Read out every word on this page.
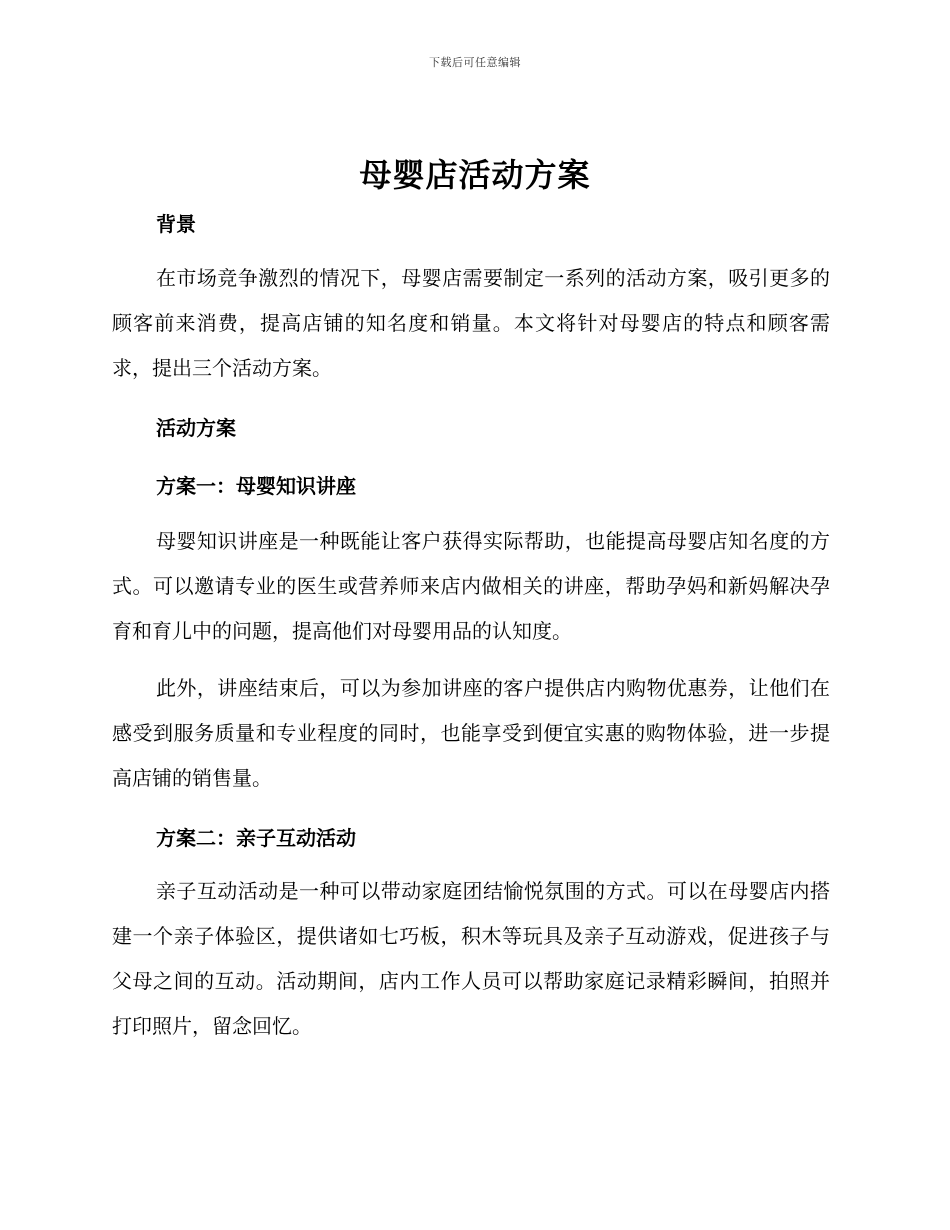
下载后可任意编辑
母婴店活动方案
背景
在市场竞争激烈的情况下，母婴店需要制定一系列的活动方案，吸引更多的顾客前来消费，提高店铺的知名度和销量。本文将针对母婴店的特点和顾客需求，提出三个活动方案。
活动方案
方案一：母婴知识讲座
母婴知识讲座是一种既能让客户获得实际帮助，也能提高母婴店知名度的方式。可以邀请专业的医生或营养师来店内做相关的讲座，帮助孕妈和新妈解决孕育和育儿中的问题，提高他们对母婴用品的认知度。
此外，讲座结束后，可以为参加讲座的客户提供店内购物优惠券，让他们在感受到服务质量和专业程度的同时，也能享受到便宜实惠的购物体验，进一步提高店铺的销售量。
方案二：亲子互动活动
亲子互动活动是一种可以带动家庭团结愉悦氛围的方式。可以在母婴店内搭建一个亲子体验区，提供诸如七巧板，积木等玩具及亲子互动游戏，促进孩子与父母之间的互动。活动期间，店内工作人员可以帮助家庭记录精彩瞬间，拍照并打印照片，留念回忆。
